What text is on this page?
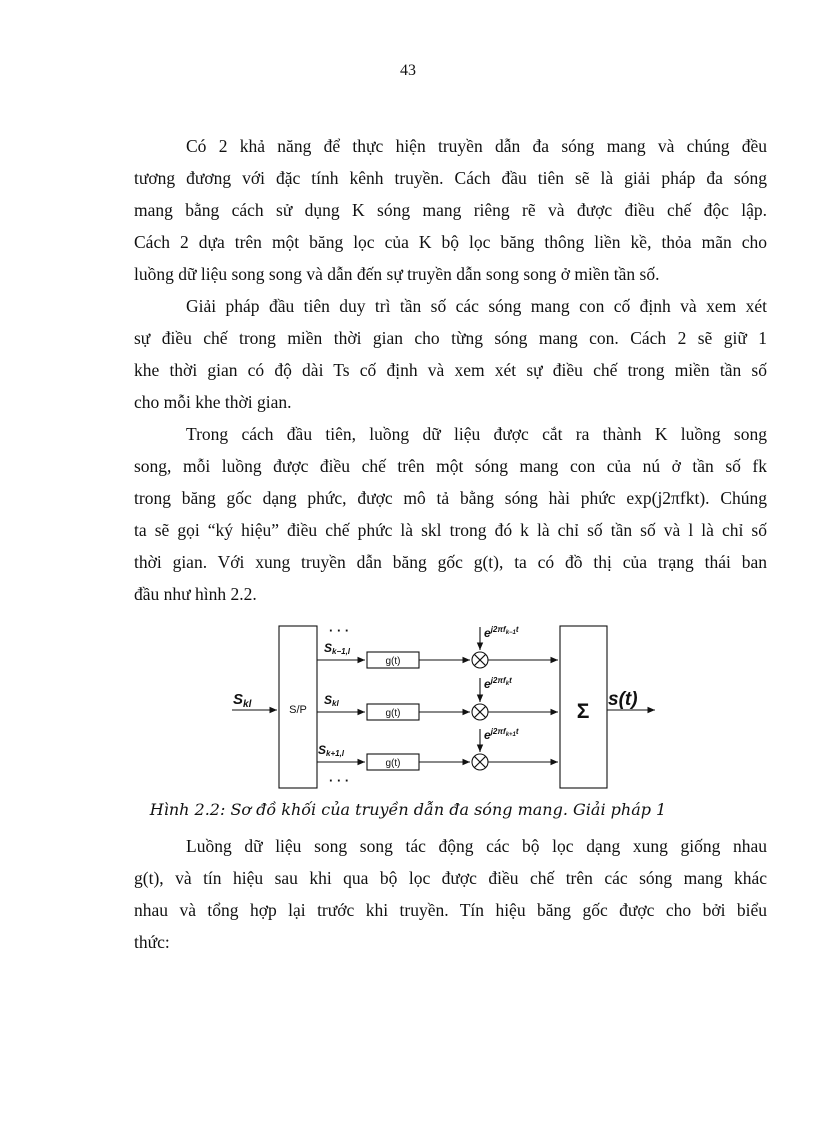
43
Có 2 khả năng để thực hiện truyền dẫn đa sóng mang và chúng đều
tương đương với đặc tính kênh truyền. Cách đầu tiên sẽ là giải pháp đa sóng
mang bằng cách sử dụng K sóng mang riêng rẽ và được điều chế độc lập.
Cách 2 dựa trên một băng lọc của K bộ lọc băng thông liền kề, thỏa mãn cho
luồng dữ liệu song song và dẫn đến sự truyền dẫn song song ở miền tần số.
Giải pháp đầu tiên duy trì tần số các sóng mang con cố định và xem xét
sự điều chế trong miền thời gian cho từng sóng mang con. Cách 2 sẽ giữ 1
khe thời gian có độ dài Ts cố định và xem xét sự điều chế trong miền tần số
cho mỗi khe thời gian.
Trong cách đầu tiên, luồng dữ liệu được cắt ra thành K luồng song
song, mỗi luồng được điều chế trên một sóng mang con của nú ở tần số fk
trong băng gốc dạng phức, được mô tả bằng sóng hài phức exp(j2πfkt). Chúng
ta sẽ gọi “ký hiệu” điều chế phức là skl trong đó k là chỉ số tần số và l là chỉ số
thời gian. Với xung truyền dẫn băng gốc g(t), ta có đồ thị của trạng thái ban
đầu như hình 2.2.
$S_{kl}$	S/P	Σ
s(t)
· · ·
· · ·
Sk−1,l
Skl
Sk+1,l
g(t)
g(t)
g(t)
$e^{j2\pi f}k-1t$
$e^{j2\pi f}kt$
$e^{j2\pi f}k+1t$
Hình 2.2: Sơ đồ khối của truyền dẫn đa sóng mang. Giải pháp 1
Luồng dữ liệu song song tác động các bộ lọc dạng xung giống nhau
g(t), và tín hiệu sau khi qua bộ lọc được điều chế trên các sóng mang khác
nhau và tổng hợp lại trước khi truyền. Tín hiệu băng gốc được cho bởi biểu
thức:
